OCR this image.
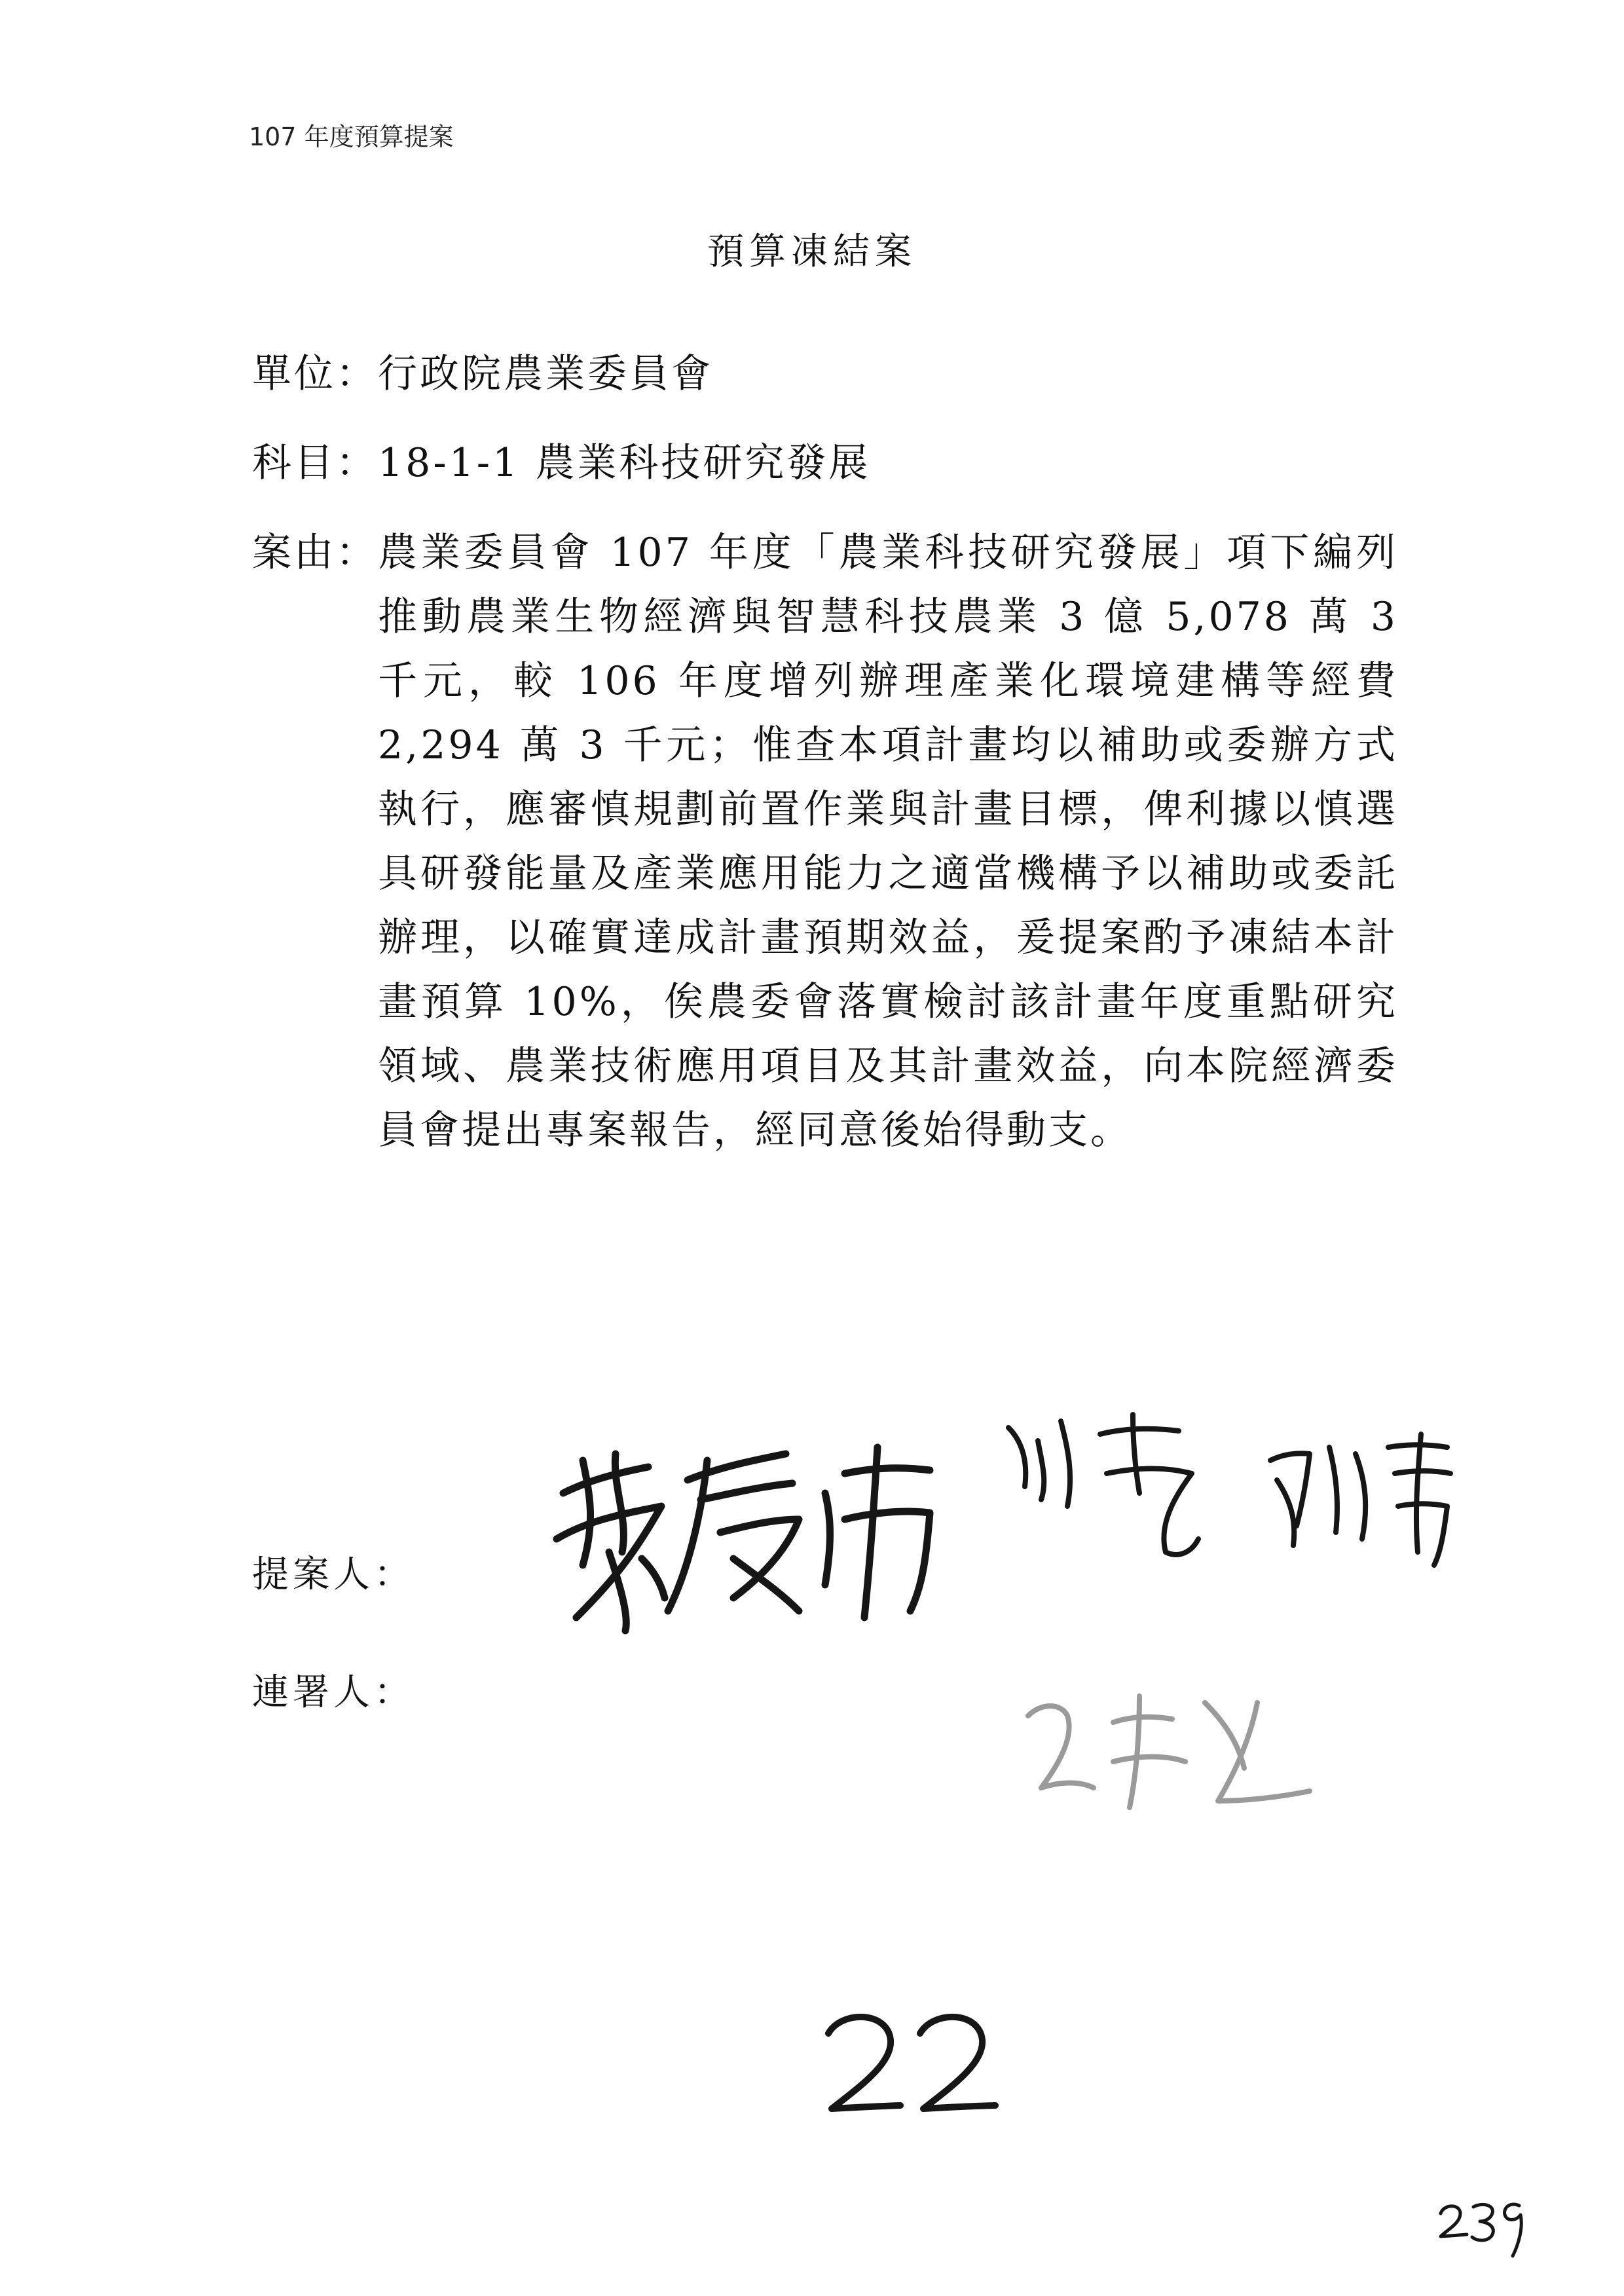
107 年度預算提案
預算凍結案
單位： 行政院農業委員會
科目： 18-1-1 農業科技研究發展
案由： 農業委員會 107 年度「農業科技研究發展」項下編列推動農業生物經濟與智慧科技農業 3 億 5,078 萬 3 千元，較 106 年度增列辦理產業化環境建構等經費 2,294 萬 3 千元；惟查本項計畫均以補助或委辦方式執行，應審慎規劃前置作業與計畫目標，俾利據以慎選具研發能量及產業應用能力之適當機構予以補助或委託辦理，以確實達成計畫預期效益，爰提案酌予凍結本計畫預算 10%，俟農委會落實檢討該計畫年度重點研究領域、農業技術應用項目及其計畫效益，向本院經濟委員會提出專案報告，經同意後始得動支。
提案人：
連署人：
